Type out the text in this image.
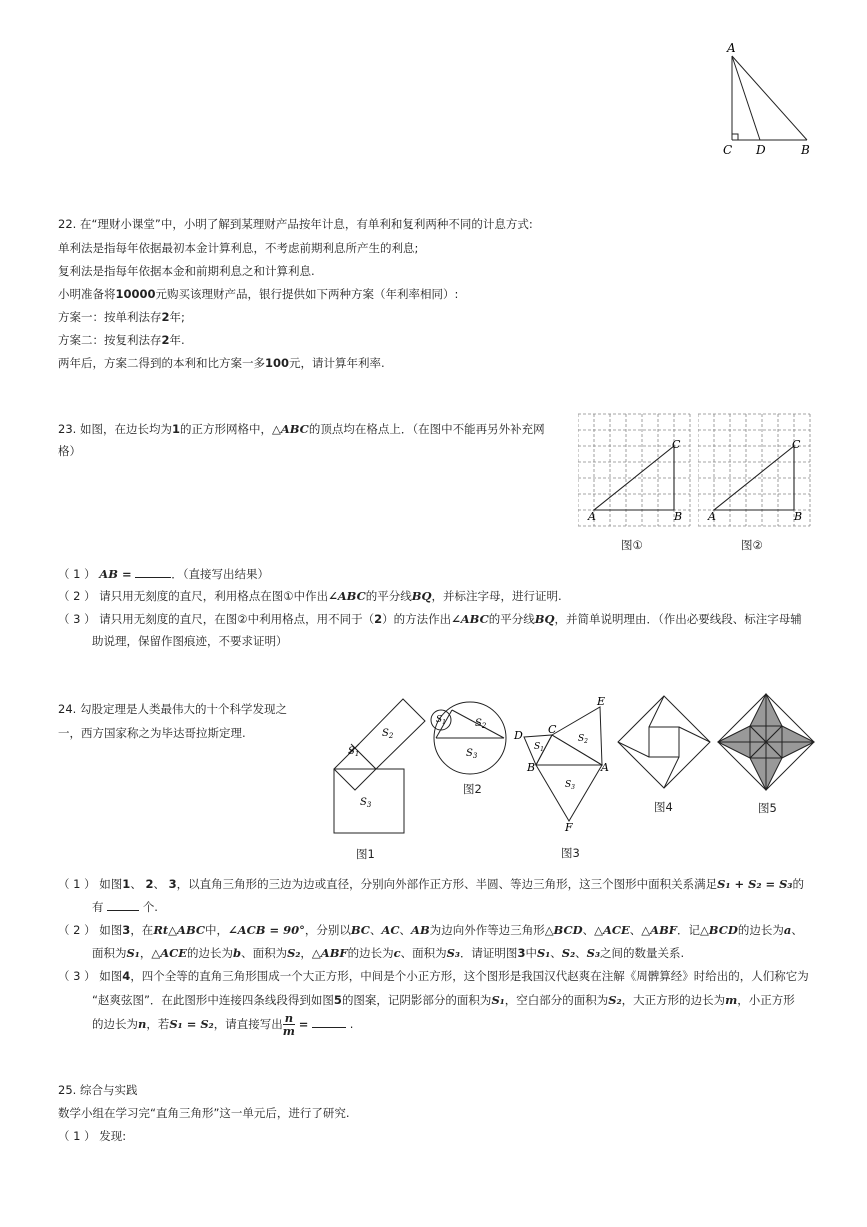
A
C D	B
22. 在“理财小课堂”中，小明了解到某理财产品按年计息，有单利和复利两种不同的计息方式:
单利法是指每年依据最初本金计算利息，不考虑前期利息所产生的利息;
复利法是指每年依据本金和前期利息之和计算利息.
小明准备将10000元购买该理财产品，银行提供如下两种方案（年利率相同）:
方案一：按单利法存2年;
方案二：按复利法存2年.
两年后，方案二得到的本利和比方案一多100元，请计算年利率.
23. 如图，在边长均为1的正方形网格中，△ABC的顶点均在格点上．（在图中不能再另外补充网
格）
A	B
C
图①
A	B
C
图②
（ 1 ） AB =	．（直接写出结果）
（ 2 ） 请只用无刻度的直尺，利用格点在图①中作出∠ABC的平分线BQ，并标注字母，进行证明.
（ 3 ） 请只用无刻度的直尺，在图②中利用格点，用不同于（2）的方法作出∠ABC的平分线BQ，并简单说明理由．（作出必要线段、标注字母辅
助说理，保留作图痕迹，不要求证明）
24. 勾股定理是人类最伟大的十个科学发现之
一，西方国家称之为毕达哥拉斯定理.
$S_1$
$S_2$
$S_3$
图1
$S_1$	$S_2$
$S_3$
图2
D C
E
B	A
F
$S_1$
$S_2$
$S_3$
图3
图4	图5
（ 1 ） 如图1、 2、 3，以直角三角形的三边为边或直径，分别向外部作正方形、半圆、等边三角形，这三个图形中面积关系满足S₁ + S₂ = S₃的
有	个.
（ 2 ） 如图3，在Rt△ABC中，∠ACB = 90°，分别以BC、AC、AB为边向外作等边三角形△BCD、△ACE、△ABF．记△BCD的边长为a、
面积为S₁，△ACE的边长为b、面积为S₂，△ABF的边长为c、面积为S₃．请证明图3中S₁、S₂、S₃之间的数量关系.
（ 3 ） 如图4，四个全等的直角三角形围成一个大正方形，中间是个小正方形，这个图形是我国汉代赵爽在注解《周髀算经》时给出的，人们称它为
“赵爽弦图”．在此图形中连接四条线段得到如图5的图案，记阴影部分的面积为S₁，空白部分的面积为S₂，大正方形的边长为m，小正方形
的边长为n，若S₁ = S₂，请直接写出 $\frac{n}{m}$ =	.
25. 综合与实践
数学小组在学习完“直角三角形”这一单元后，进行了研究.
（ 1 ） 发现:
